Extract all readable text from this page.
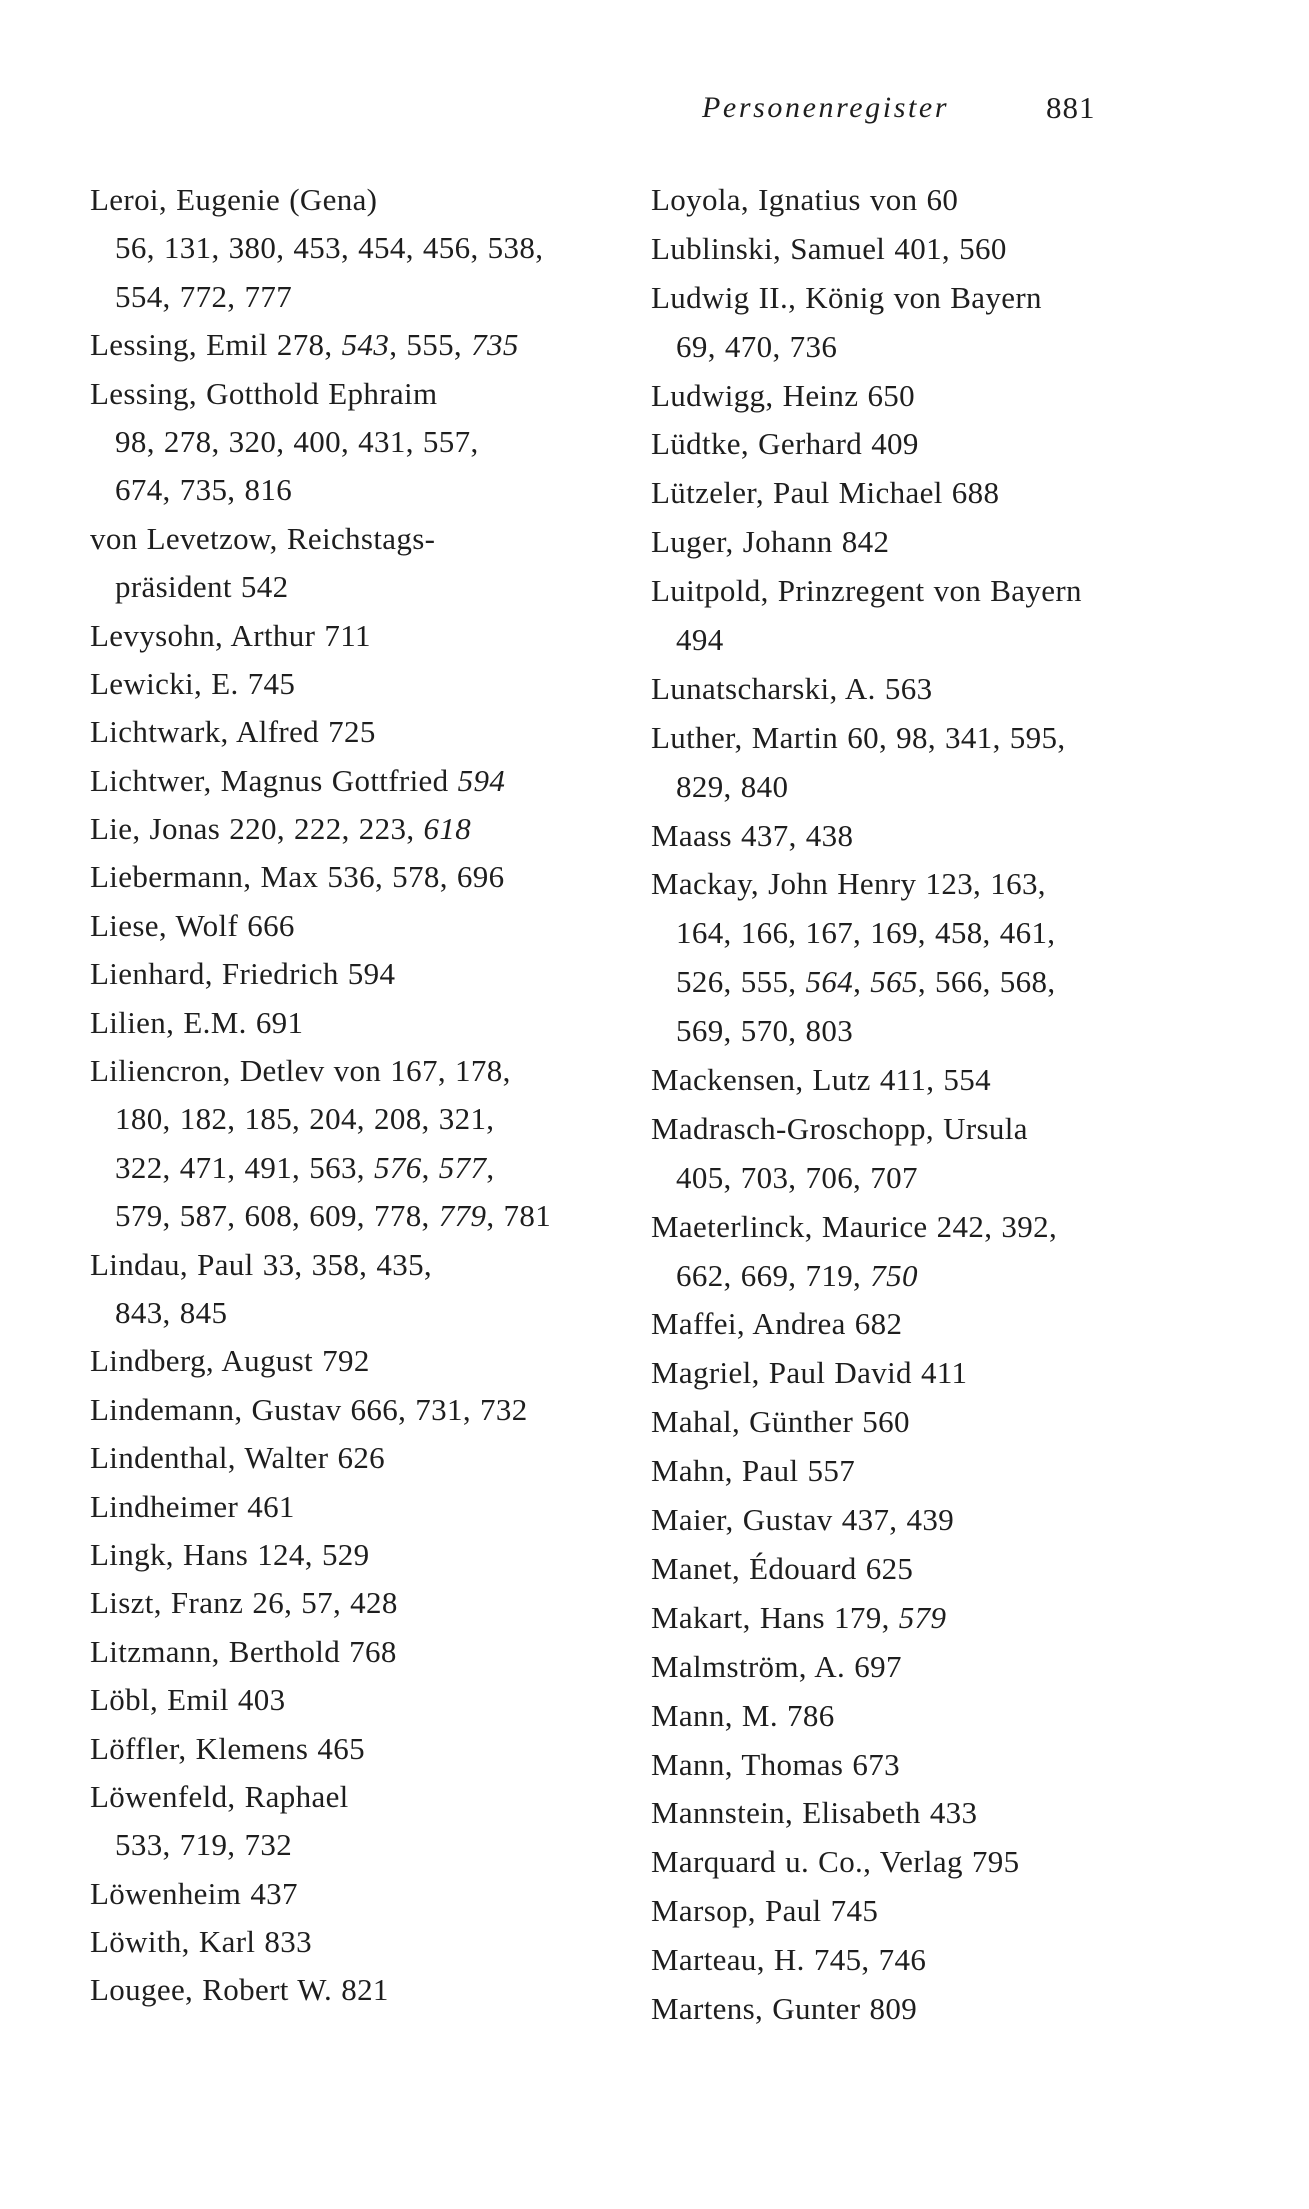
Personenregister	881
Leroi, Eugenie (Gena)
56, 131, 380, 453, 454, 456, 538,
554, 772, 777
Lessing, Emil 278, 543, 555, 735
Lessing, Gotthold Ephraim
98, 278, 320, 400, 431, 557,
674, 735, 816
von Levetzow, Reichstags-
präsident 542
Levysohn, Arthur 711
Lewicki, E. 745
Lichtwark, Alfred 725
Lichtwer, Magnus Gottfried 594
Lie, Jonas 220, 222, 223, 618
Liebermann, Max 536, 578, 696
Liese, Wolf 666
Lienhard, Friedrich 594
Lilien, E.M. 691
Liliencron, Detlev von 167, 178,
180, 182, 185, 204, 208, 321,
322, 471, 491, 563, 576, 577,
579, 587, 608, 609, 778, 779, 781
Lindau, Paul 33, 358, 435,
843, 845
Lindberg, August 792
Lindemann, Gustav 666, 731, 732
Lindenthal, Walter 626
Lindheimer 461
Lingk, Hans 124, 529
Liszt, Franz 26, 57, 428
Litzmann, Berthold 768
Löbl, Emil 403
Löffler, Klemens 465
Löwenfeld, Raphael
533, 719, 732
Löwenheim 437
Löwith, Karl 833
Lougee, Robert W. 821
Loyola, Ignatius von 60
Lublinski, Samuel 401, 560
Ludwig II., König von Bayern
69, 470, 736
Ludwigg, Heinz 650
Lüdtke, Gerhard 409
Lützeler, Paul Michael 688
Luger, Johann 842
Luitpold, Prinzregent von Bayern
494
Lunatscharski, A. 563
Luther, Martin 60, 98, 341, 595,
829, 840
Maass 437, 438
Mackay, John Henry 123, 163,
164, 166, 167, 169, 458, 461,
526, 555, 564, 565, 566, 568,
569, 570, 803
Mackensen, Lutz 411, 554
Madrasch-Groschopp, Ursula
405, 703, 706, 707
Maeterlinck, Maurice 242, 392,
662, 669, 719, 750
Maffei, Andrea 682
Magriel, Paul David 411
Mahal, Günther 560
Mahn, Paul 557
Maier, Gustav 437, 439
Manet, Édouard 625
Makart, Hans 179, 579
Malmström, A. 697
Mann, M. 786
Mann, Thomas 673
Mannstein, Elisabeth 433
Marquard u. Co., Verlag 795
Marsop, Paul 745
Marteau, H. 745, 746
Martens, Gunter 809
